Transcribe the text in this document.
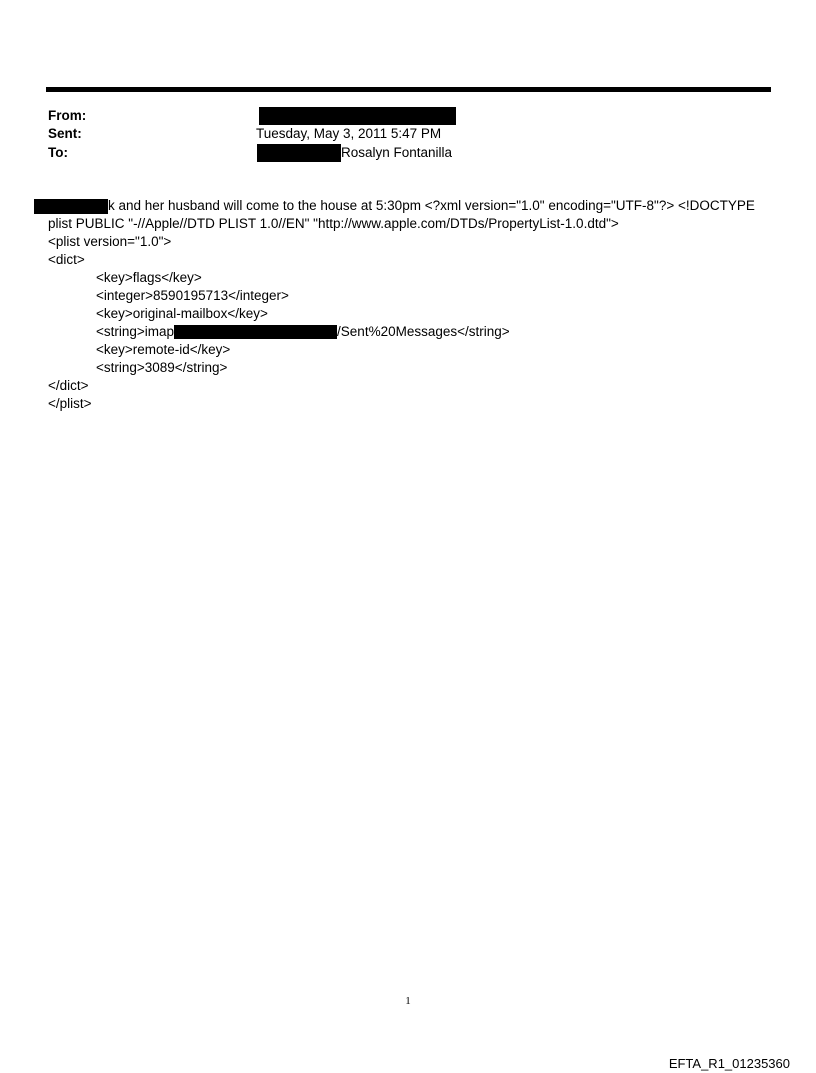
From:
Sent:	Tuesday, May 3, 2011 5:47 PM
To:	Rosalyn Fontanilla
k and her husband will come to the house at 5:30pm <?xml version="1.0" encoding="UTF-8"?> <!DOCTYPE
plist PUBLIC "-//Apple//DTD PLIST 1.0//EN" "http://www.apple.com/DTDs/PropertyList-1.0.dtd">
<plist version="1.0">
<dict>
<key>flags</key>
<integer>8590195713</integer>
<key>original-mailbox</key>
<string>imap	/Sent%20Messages</string>
<key>remote-id</key>
<string>3089</string>
</dict>
</plist>
1
EFTA_R1_01235360
